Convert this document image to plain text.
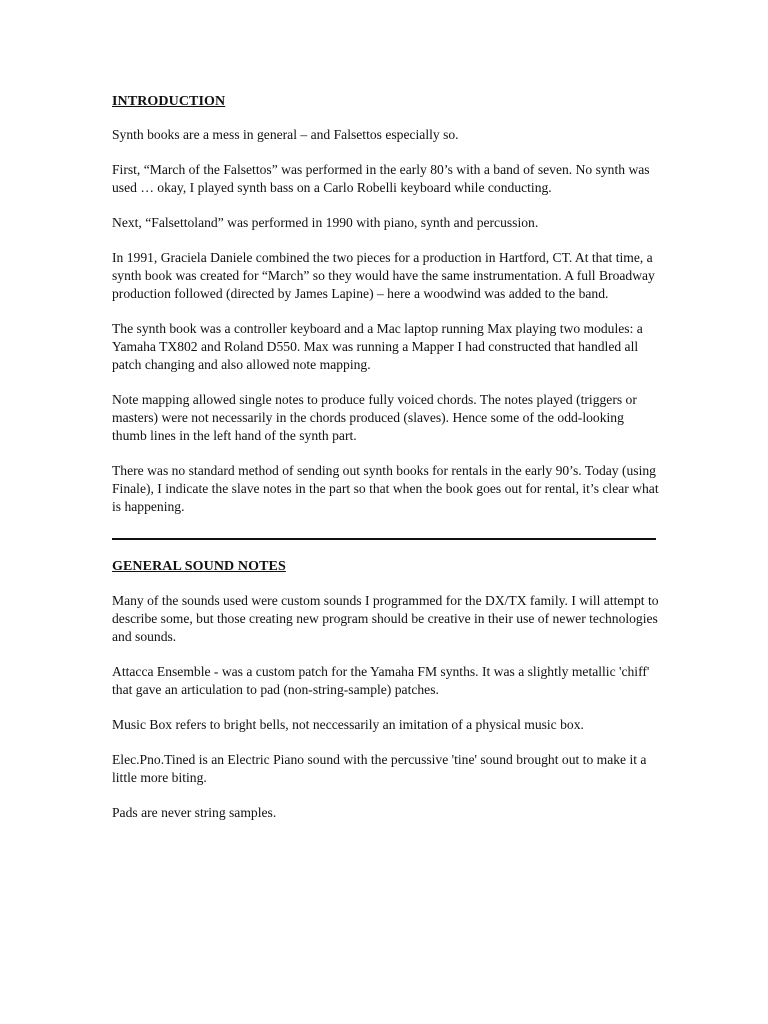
INTRODUCTION

Synth books are a mess in general – and Falsettos especially so.

First, “March of the Falsettos” was performed in the early 80’s with a band of seven. No synth was used … okay, I played synth bass on a Carlo Robelli keyboard while conducting.

Next, “Falsettoland” was performed in 1990 with piano, synth and percussion.

In 1991, Graciela Daniele combined the two pieces for a production in Hartford, CT. At that time, a synth book was created for “March” so they would have the same instrumentation. A full Broadway production followed (directed by James Lapine) – here a woodwind was added to the band.

The synth book was a controller keyboard and a Mac laptop running Max playing two modules: a Yamaha TX802 and Roland D550. Max was running a Mapper I had constructed that handled all patch changing and also allowed note mapping.

Note mapping allowed single notes to produce fully voiced chords. The notes played (triggers or masters) were not necessarily in the chords produced (slaves). Hence some of the odd-looking thumb lines in the left hand of the synth part.

There was no standard method of sending out synth books for rentals in the early 90’s. Today (using Finale), I indicate the slave notes in the part so that when the book goes out for rental, it’s clear what is happening.

GENERAL SOUND NOTES

Many of the sounds used were custom sounds I programmed for the DX/TX family. I will attempt to describe some, but those creating new program should be creative in their use of newer technologies and sounds.

Attacca Ensemble - was a custom patch for the Yamaha FM synths. It was a slightly metallic 'chiff' that gave an articulation to pad (non-string-sample) patches.

Music Box refers to bright bells, not neccessarily an imitation of a physical music box.

Elec.Pno.Tined is an Electric Piano sound with the percussive 'tine' sound brought out to make it a little more biting.

Pads are never string samples.
